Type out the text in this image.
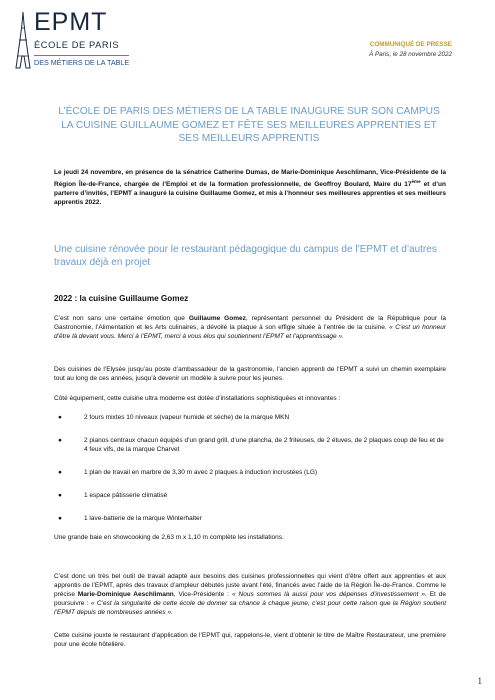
EPMT
ÉCOLE DE PARIS
DES MÉTIERS DE LA TABLE
COMMUNIQUÉ DE PRESSE
À Paris, le 28 novembre 2022
L’ÉCOLE DE PARIS DES MÉTIERS DE LA TABLE INAUGURE SUR SON CAMPUS LA CUISINE GUILLAUME GOMEZ ET FÊTE SES MEILLEURES APPRENTIES ET SES MEILLEURS APPRENTIS
Le jeudi 24 novembre, en présence de la sénatrice Catherine Dumas, de Marie-Dominique Aeschlimann, Vice-Présidente de la Région Île-de-France, chargée de l’Emploi et de la formation professionnelle, de Geoffroy Boulard, Maire du 17ème et d’un parterre d’invités, l’EPMT a inauguré la cuisine Guillaume Gomez, et mis à l’honneur ses meilleures apprenties et ses meilleurs apprentis 2022.
Une cuisine rénovée pour le restaurant pédagogique du campus de l’EPMT et d’autres travaux déjà en projet
2022 : la cuisine Guillaume Gomez
C’est non sans une certaine émotion que Guillaume Gomez, représentant personnel du Président de la République pour la Gastronomie, l’Alimentation et les Arts culinaires, a dévoilé la plaque à son effigie située à l’entrée de la cuisine. « C’est un honneur d’être là devant vous. Merci à l’EPMT, merci à vous élus qui soutiennent l’EPMT et l’apprentissage ».
Des cuisines de l’Elysée jusqu’au poste d’ambassadeur de la gastronomie, l’ancien apprenti de l’EPMT a suivi un chemin exemplaire tout au long de ces années, jusqu’à devenir un modèle à suivre pour les jeunes.
Côté équipement, cette cuisine ultra moderne est dotée d’installations sophistiquées et innovantes :
●	2 fours mixtes 10 niveaux (vapeur humide et sèche) de la marque MKN
●	2 pianos centraux chacun équipés d’un grand grill, d’une plancha, de 2 friteuses, de 2 étuves, de 2 plaques coup de feu et de 4 feux vifs, de la marque Charvet
●	1 plan de travail en marbre de 3,30 m avec 2 plaques à induction incrustées (LG)
●	1 espace pâtisserie climatisé
●	1 lave-batterie de la marque Winterhalter
Une grande baie en showcooking de 2,63 m x 1,10 m complète les installations.
C’est donc un très bel outil de travail adapté aux besoins des cuisines professionnelles qui vient d’être offert aux apprenties et aux apprentis de l’EPMT, après des travaux d’ampleur débutés juste avant l’été, financés avec l’aide de la Région Île-de-France. Comme le précise Marie-Dominique Aeschlimann, Vice-Présidente : « Nous sommes là aussi pour vos dépenses d’investissement ». Et de poursuivre : « C’est la singularité de cette école de donner sa chance à chaque jeune, c’est pour cette raison que la Région soutient l’EPMT depuis de nombreuses années ».
Cette cuisine jouxte le restaurant d’application de l’EPMT qui, rappelons-le, vient d’obtenir le titre de Maître Restaurateur, une première pour une école hôtelière.
1
